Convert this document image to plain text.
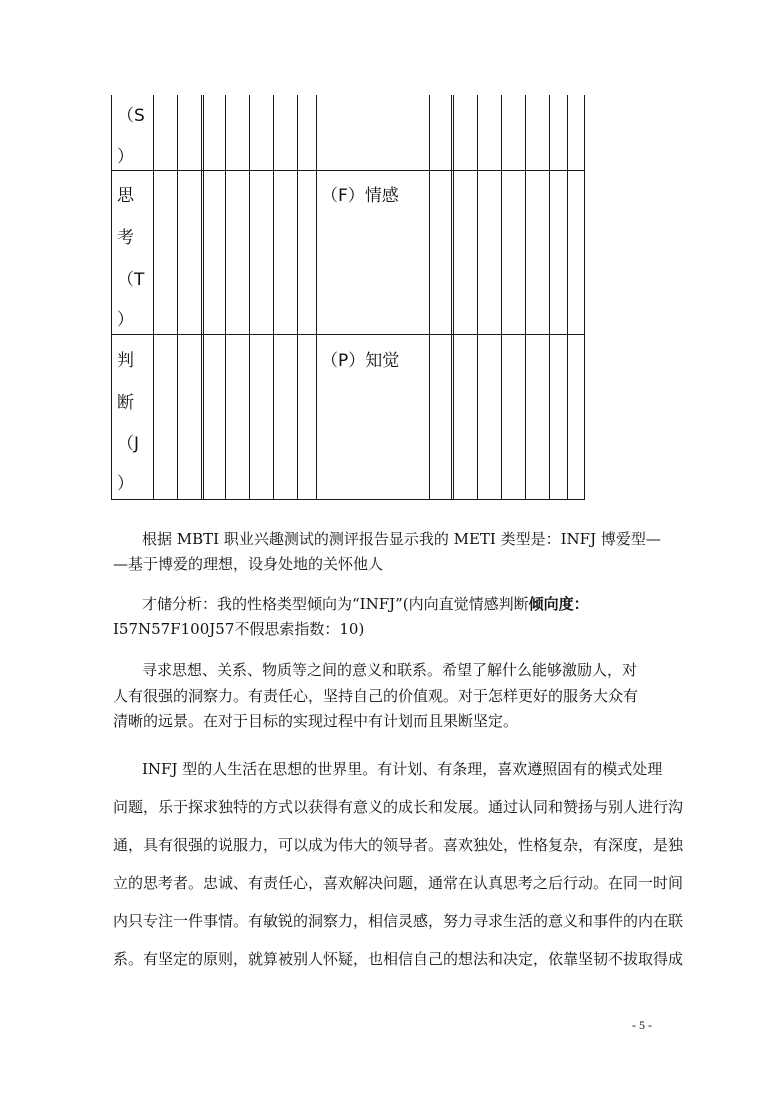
（S
）
思
考
（T
）
（F）情感
判
断
（J
）
（P）知觉
根据 MBTI 职业兴趣测试的测评报告显示我的 METI 类型是：INFJ 博爱型—
—基于博爱的理想，设身处地的关怀他人
才储分析：我的性格类型倾向为“INFJ”(内向直觉情感判断倾向度：
I57N57F100J57不假思索指数：10)
寻求思想、关系、物质等之间的意义和联系。希望了解什么能够激励人，对
人有很强的洞察力。有责任心，坚持自己的价值观。对于怎样更好的服务大众有
清晰的远景。在对于目标的实现过程中有计划而且果断坚定。
INFJ 型的人生活在思想的世界里。有计划、有条理，喜欢遵照固有的模式处理
问题，乐于探求独特的方式以获得有意义的成长和发展。通过认同和赞扬与别人进行沟
通，具有很强的说服力，可以成为伟大的领导者。喜欢独处，性格复杂，有深度，是独
立的思考者。忠诚、有责任心，喜欢解决问题，通常在认真思考之后行动。在同一时间
内只专注一件事情。有敏锐的洞察力，相信灵感，努力寻求生活的意义和事件的内在联
系。有坚定的原则，就算被别人怀疑，也相信自己的想法和决定，依靠坚韧不拔取得成
- 5 -
